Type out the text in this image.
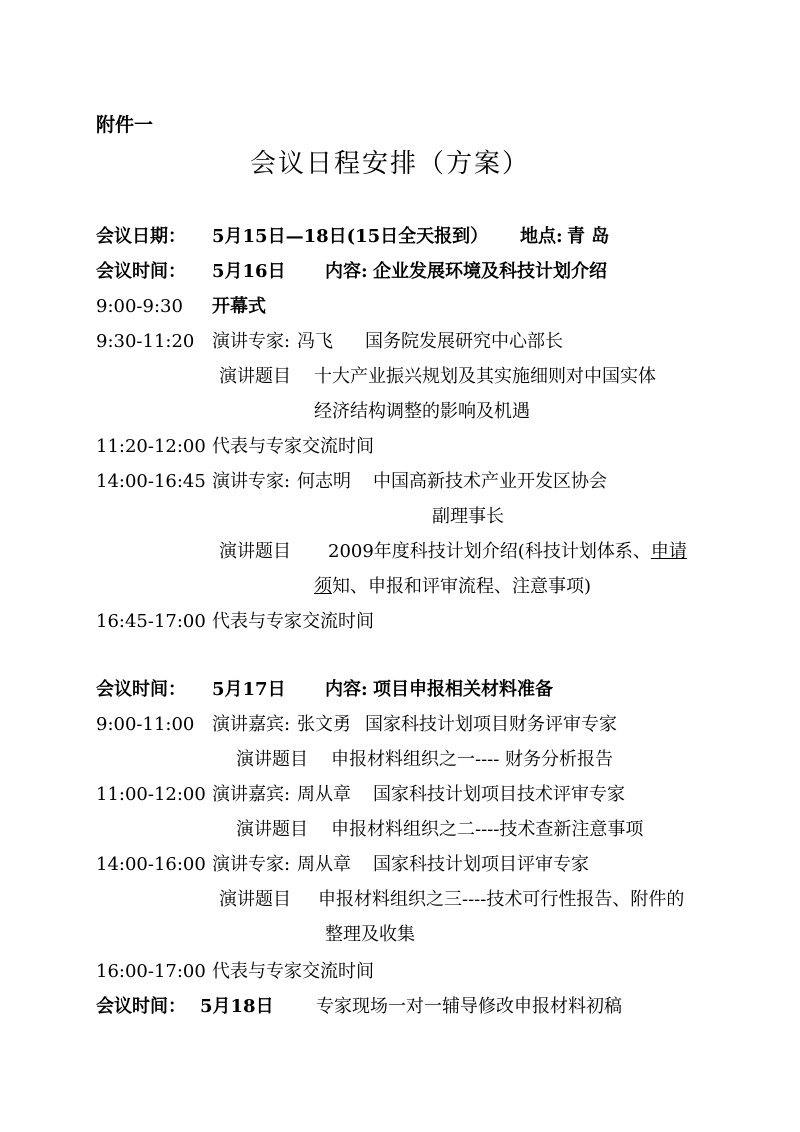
附件一
会议日程安排（方案）
会议日期： 5月15日—18日(15日全天报到） 地点: 青 岛
会议时间： 5月16日 内容: 企业发展环境及科技计划介绍
9:00-9:30 开幕式
9:30-11:20 演讲专家: 冯飞 国务院发展研究中心部长
演讲题目 十大产业振兴规划及其实施细则对中国实体
经济结构调整的影响及机遇
11:20-12:00 代表与专家交流时间
14:00-16:45 演讲专家: 何志明 中国高新技术产业开发区协会
副理事长
演讲题目 2009年度科技计划介绍(科技计划体系、申请
须知、申报和评审流程、注意事项)
16:45-17:00 代表与专家交流时间
会议时间： 5月17日 内容: 项目申报相关材料准备
9:00-11:00 演讲嘉宾: 张文勇 国家科技计划项目财务评审专家
演讲题目 申报材料组织之一---- 财务分析报告
11:00-12:00 演讲嘉宾: 周从章 国家科技计划项目技术评审专家
演讲题目 申报材料组织之二----技术查新注意事项
14:00-16:00 演讲专家: 周从章 国家科技计划项目评审专家
演讲题目 申报材料组织之三----技术可行性报告、附件的
整理及收集
16:00-17:00 代表与专家交流时间
会议时间： 5月18日 专家现场一对一辅导修改申报材料初稿
